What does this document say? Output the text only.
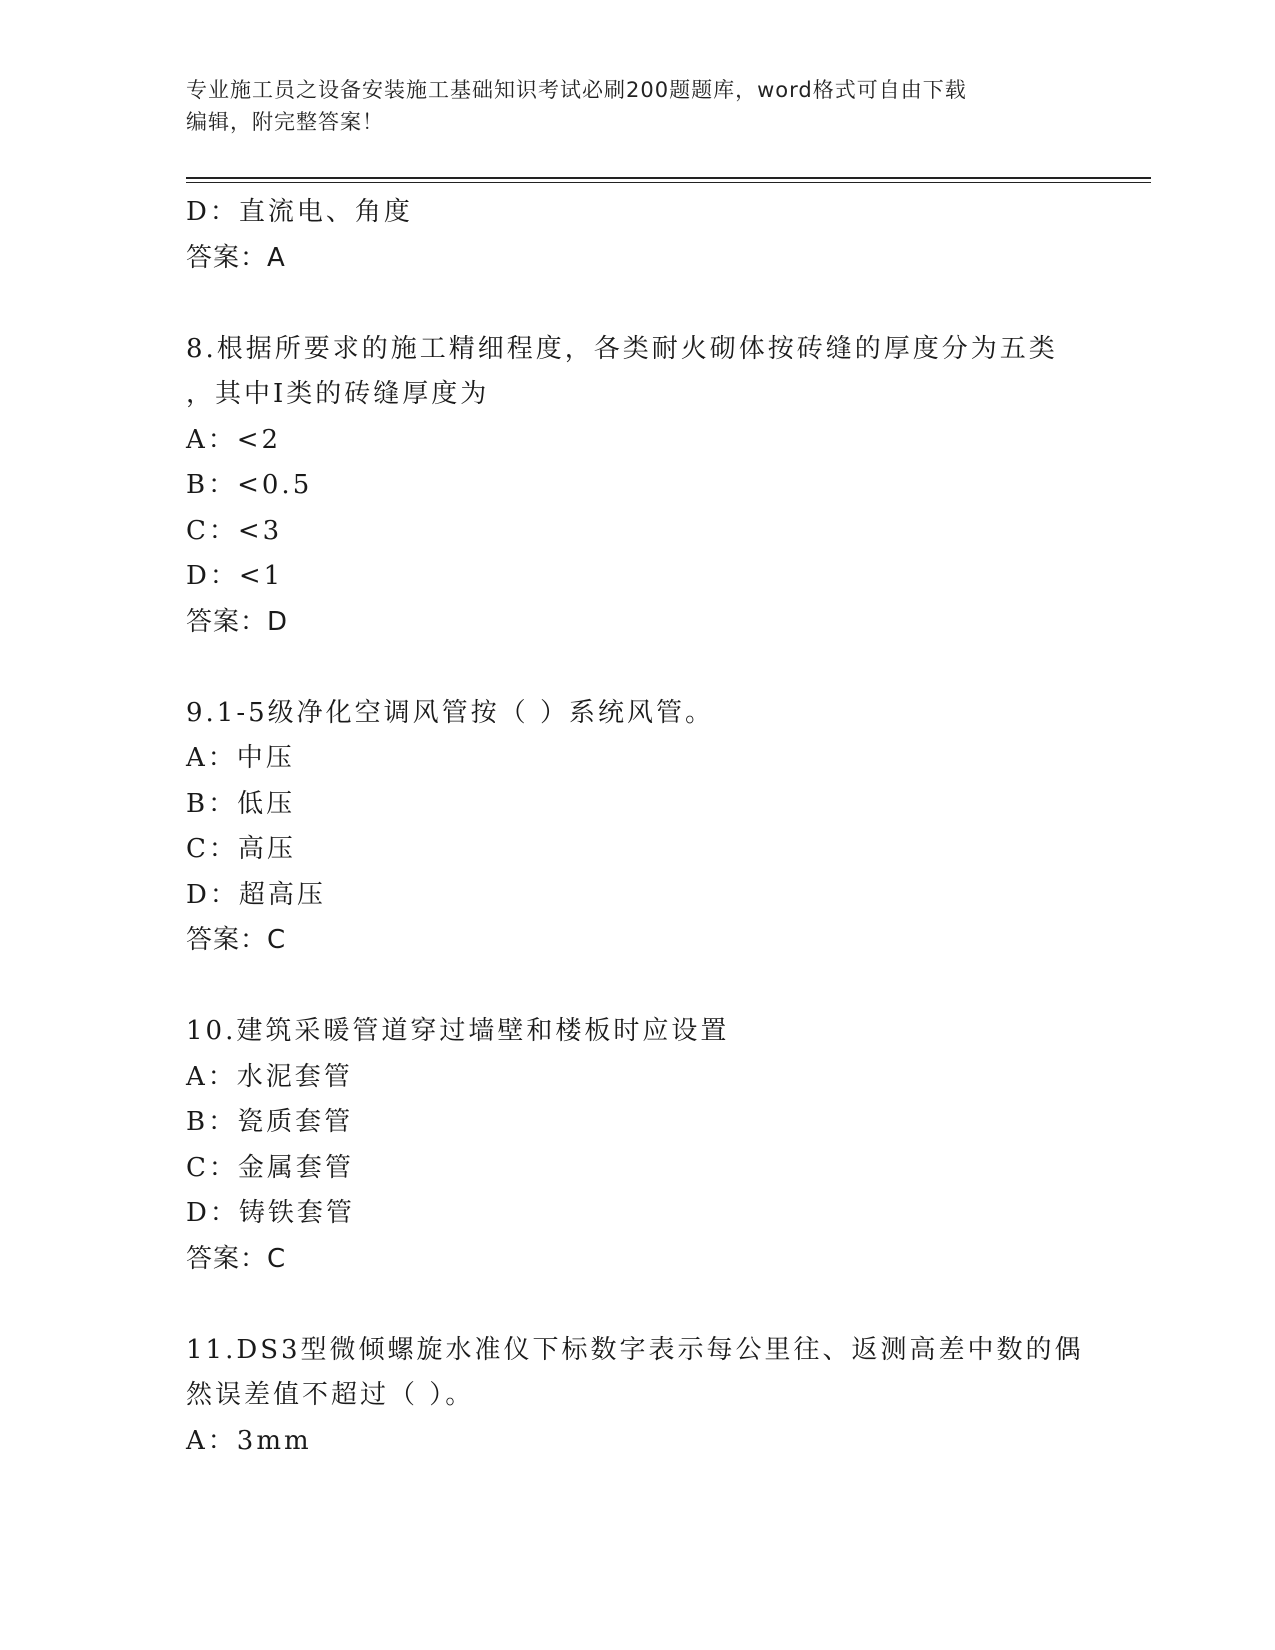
专业施工员之设备安装施工基础知识考试必刷200题题库，word格式可自由下载
编辑，附完整答案！
D：直流电、角度
答案：A
8.根据所要求的施工精细程度，各类耐火砌体按砖缝的厚度分为五类
，其中Ⅰ类的砖缝厚度为
A：<2
B：<0.5
C：<3
D：<1
答案：D
9.1-5级净化空调风管按（ ）系统风管。
A：中压
B：低压
C：高压
D：超高压
答案：C
10.建筑采暖管道穿过墙壁和楼板时应设置
A：水泥套管
B：瓷质套管
C：金属套管
D：铸铁套管
答案：C
11.DS3型微倾螺旋水准仪下标数字表示每公里往、返测高差中数的偶
然误差值不超过（ ）。
A：3mm
